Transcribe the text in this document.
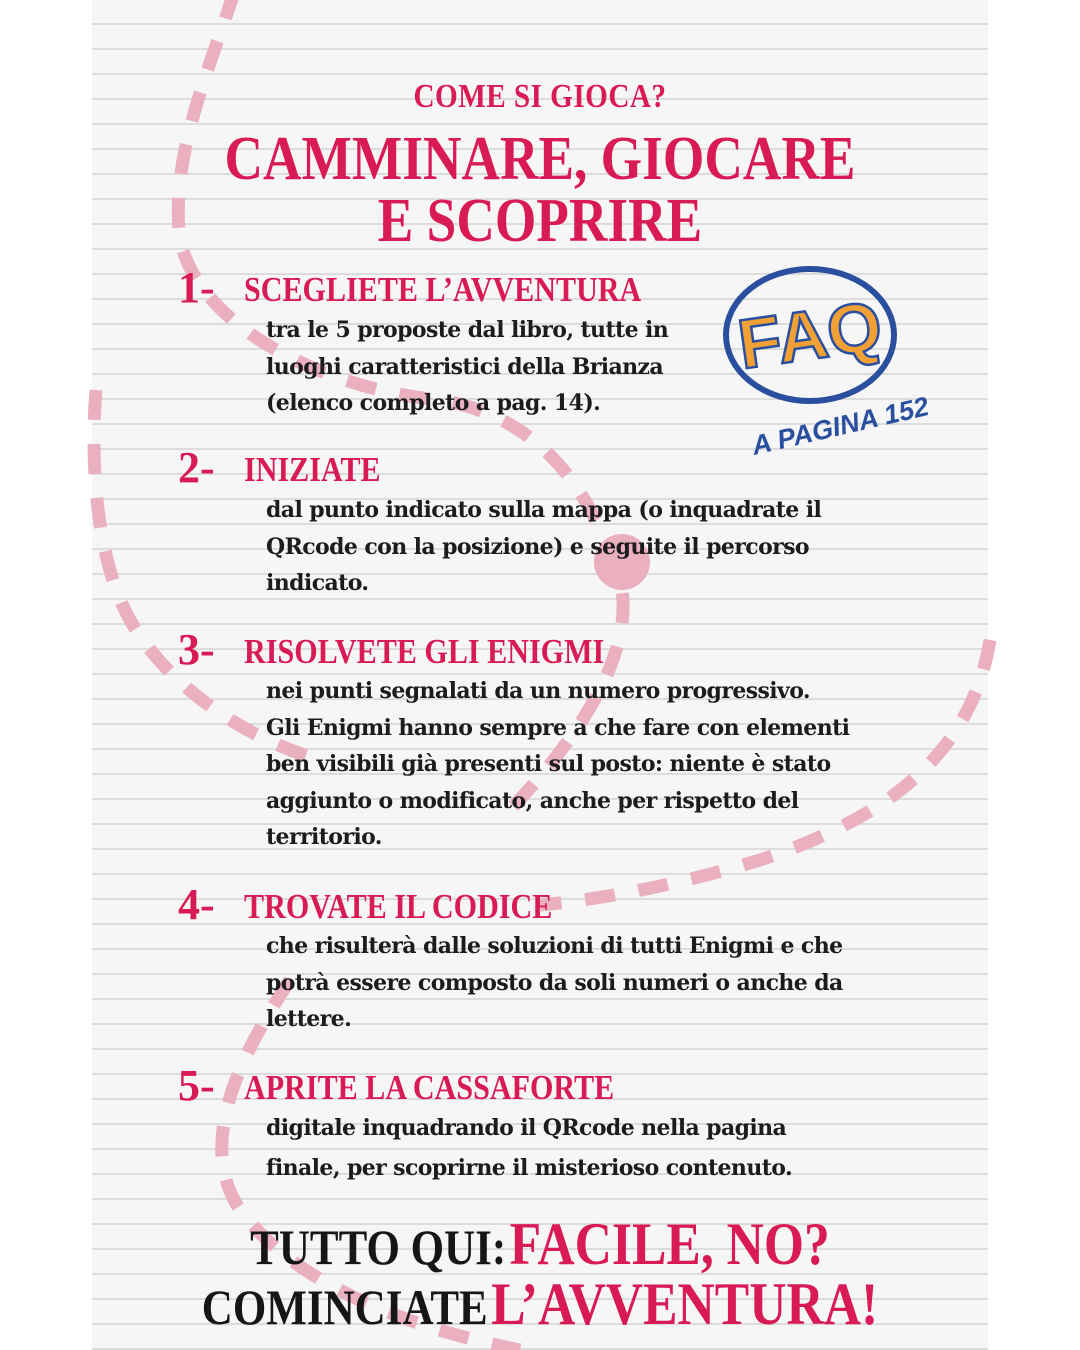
COME SI GIOCA?
CAMMINARE, GIOCARE
E SCOPRIRE
1- SCEGLIETE L’AVVENTURA
tra le 5 proposte dal libro, tutte in
luoghi caratteristici della Brianza
(elenco completo a pag. 14).
2- INIZIATE
dal punto indicato sulla mappa (o inquadrate il
QRcode con la posizione) e seguite il percorso
indicato.
3- RISOLVETE GLI ENIGMI
nei punti segnalati da un numero progressivo.
Gli Enigmi hanno sempre a che fare con elementi
ben visibili già presenti sul posto: niente è stato
aggiunto o modificato, anche per rispetto del
territorio.
4- TROVATE IL CODICE
che risulterà dalle soluzioni di tutti Enigmi e che
potrà essere composto da soli numeri o anche da
lettere.
5- APRITE LA CASSAFORTE
digitale inquadrando il QRcode nella pagina
finale, per scoprirne il misterioso contenuto.
FAQ
A PAGINA 152
TUTTO QUI: FACILE, NO?
COMINCIATE L’AVVENTURA!
